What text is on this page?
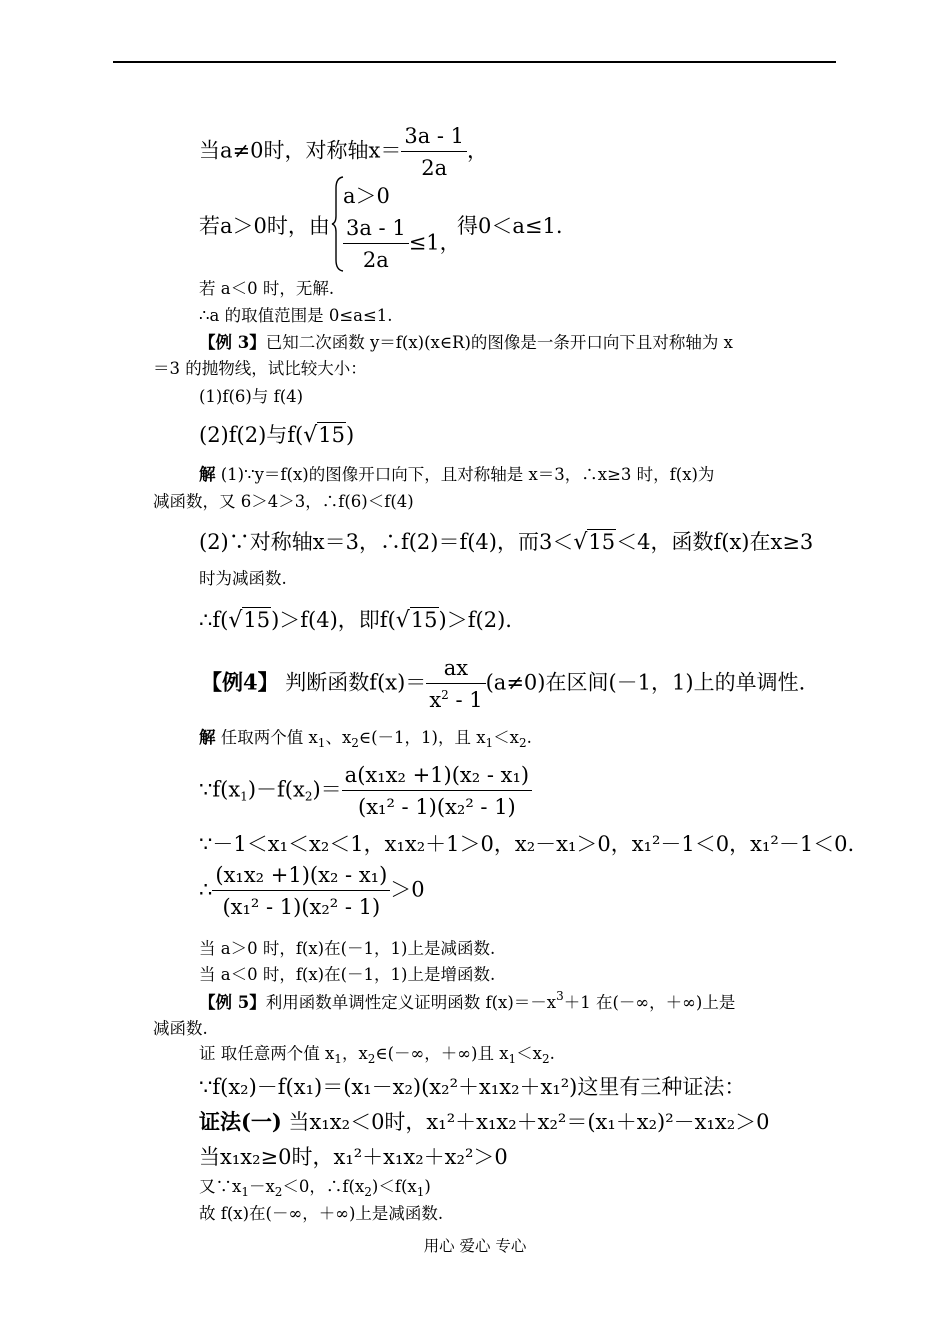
当a≠0时，对称轴$x= \frac{3a - 1}{2a}$ ，
若a＞0时，由
a＞0
$\frac{3a - 1}{2a} \le 1$，
得0＜a≤1.
若 a＜0 时，无解.
∴a 的取值范围是 0≤a≤1.
【例 3】已知二次函数 y＝f(x)(x∈R)的图像是一条开口向下且对称轴为 x
＝3 的抛物线，试比较大小：
(1)f(6)与 f(4)
(2)f(2)与f( √ 15 )
解 (1)∵y＝f(x)的图像开口向下，且对称轴是 x＝3，∴x≥3 时，f(x)为
减函数，又 6＞4＞3，∴f(6)＜f(4)
(2)∵对称轴x＝3，∴f(2)＝f(4)，而3＜ √ 15 ＜4，函数f(x)在x≥3
时为减函数.
∴f( √ 15 )＞f(4)，即f( √ 15 )＞f(2).
【例4】 判断函数$f(x)= \frac{ax}{x^2 - 1} (a\ne 0)$在区间(－1，1)上的单调性.
解 任取两个值 $x_1$、$x_2\in(-1$，1)，且 $x_1<x_2$.
$\because f(x_1)-f(x_2)= \frac{\text{a(x₁x₂ +1)(x₂ - x₁)}}{\text{(x₁² - 1)(x₂² - 1)}}$
∵－1＜x₁＜x₂＜1，x₁x₂＋1＞0，x₂－x₁＞0，x₁²－1＜0，x₁²－1＜0.
∴ $\frac{\text{(x₁x₂ +1)(x₂ - x₁)}}{\text{(x₁² - 1)(x₂² - 1)}} >0$
当 a＞0 时，f(x)在(－1，1)上是减函数.
当 a＜0 时，f(x)在(－1，1)上是增函数.
【例 5】利用函数单调性定义证明函数 $f(x)=-x^3+1$ 在(－∞，＋∞)上是
减函数.
证 取任意两个值 $x_1$，$x_2\in(-\infty$，＋∞)且 $x_1<x_2$.
∵f(x₂)－f(x₁)＝(x₁－x₂)(x₂²＋x₁x₂＋x₁²)这里有三种证法：
证法(一) 当x₁x₂＜0时，x₁²＋x₁x₂＋x₂²＝(x₁＋x₂)²－x₁x₂＞0
当x₁x₂≥0时，x₁²＋x₁x₂＋x₂²＞0
又$\because x_1-x_2<0$，$\therefore f(x_2)<f(x_1)$
故 f(x)在(－∞，＋∞)上是减函数.
用心 爱心 专心
